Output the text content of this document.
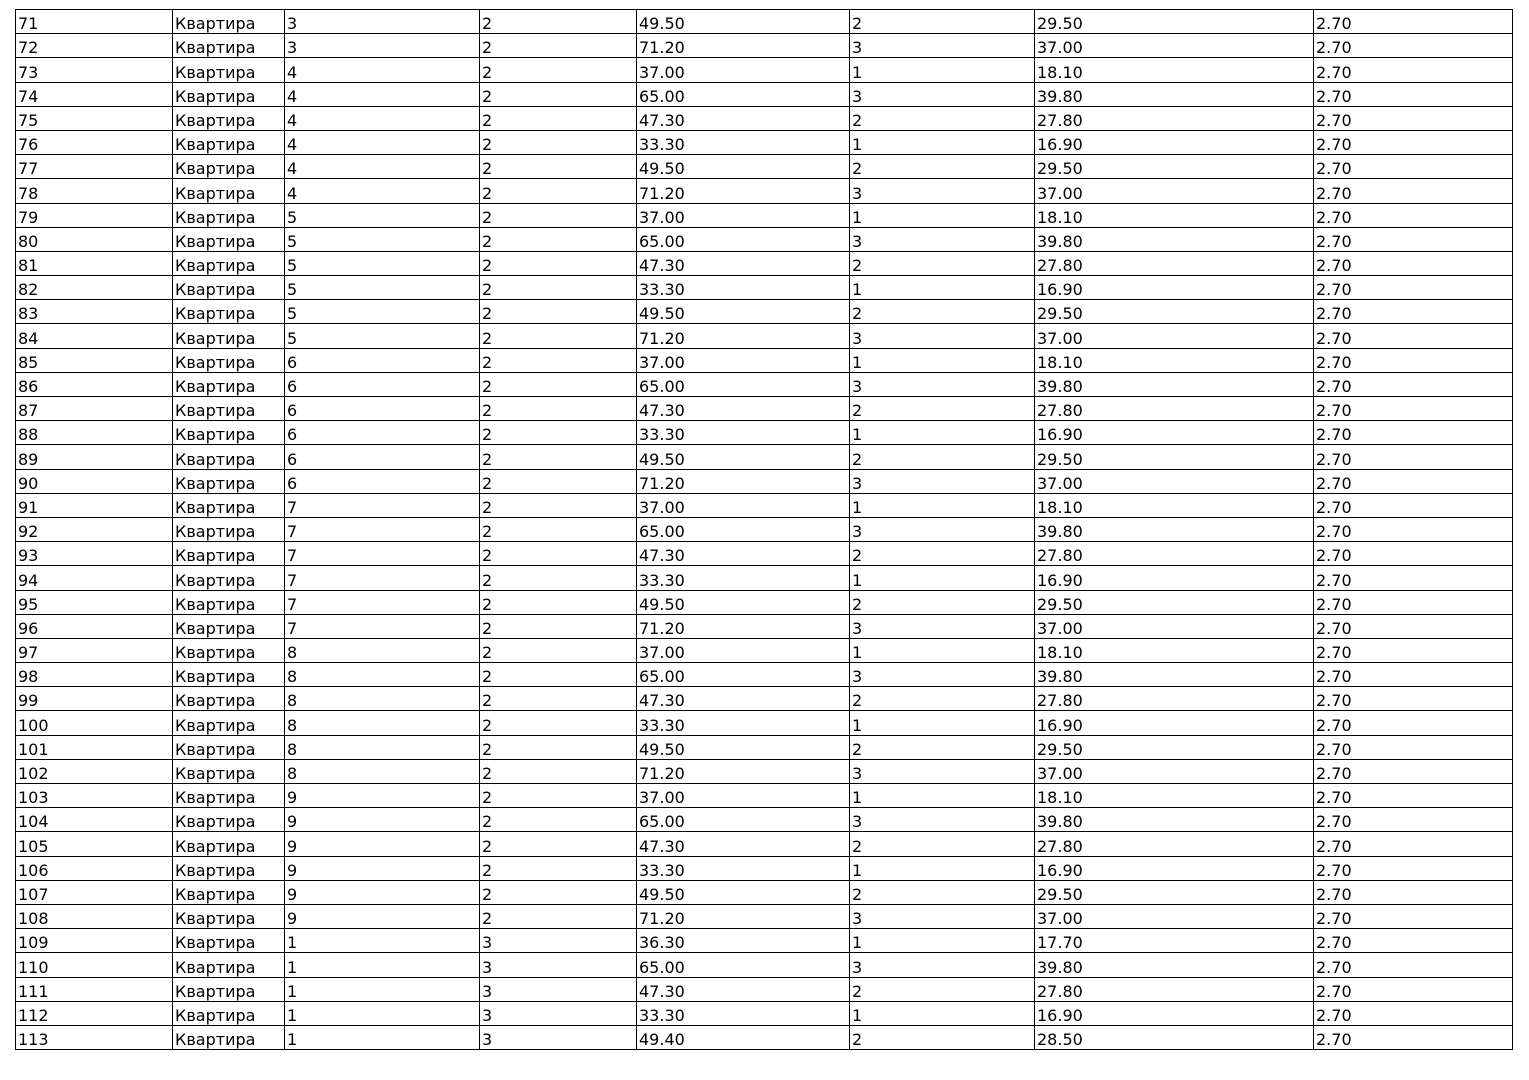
71	Квартира	3	2	49.50	2	29.50	2.70
72	Квартира	3	2	71.20	3	37.00	2.70
73	Квартира	4	2	37.00	1	18.10	2.70
74	Квартира	4	2	65.00	3	39.80	2.70
75	Квартира	4	2	47.30	2	27.80	2.70
76	Квартира	4	2	33.30	1	16.90	2.70
77	Квартира	4	2	49.50	2	29.50	2.70
78	Квартира	4	2	71.20	3	37.00	2.70
79	Квартира	5	2	37.00	1	18.10	2.70
80	Квартира	5	2	65.00	3	39.80	2.70
81	Квартира	5	2	47.30	2	27.80	2.70
82	Квартира	5	2	33.30	1	16.90	2.70
83	Квартира	5	2	49.50	2	29.50	2.70
84	Квартира	5	2	71.20	3	37.00	2.70
85	Квартира	6	2	37.00	1	18.10	2.70
86	Квартира	6	2	65.00	3	39.80	2.70
87	Квартира	6	2	47.30	2	27.80	2.70
88	Квартира	6	2	33.30	1	16.90	2.70
89	Квартира	6	2	49.50	2	29.50	2.70
90	Квартира	6	2	71.20	3	37.00	2.70
91	Квартира	7	2	37.00	1	18.10	2.70
92	Квартира	7	2	65.00	3	39.80	2.70
93	Квартира	7	2	47.30	2	27.80	2.70
94	Квартира	7	2	33.30	1	16.90	2.70
95	Квартира	7	2	49.50	2	29.50	2.70
96	Квартира	7	2	71.20	3	37.00	2.70
97	Квартира	8	2	37.00	1	18.10	2.70
98	Квартира	8	2	65.00	3	39.80	2.70
99	Квартира	8	2	47.30	2	27.80	2.70
100	Квартира	8	2	33.30	1	16.90	2.70
101	Квартира	8	2	49.50	2	29.50	2.70
102	Квартира	8	2	71.20	3	37.00	2.70
103	Квартира	9	2	37.00	1	18.10	2.70
104	Квартира	9	2	65.00	3	39.80	2.70
105	Квартира	9	2	47.30	2	27.80	2.70
106	Квартира	9	2	33.30	1	16.90	2.70
107	Квартира	9	2	49.50	2	29.50	2.70
108	Квартира	9	2	71.20	3	37.00	2.70
109	Квартира	1	3	36.30	1	17.70	2.70
110	Квартира	1	3	65.00	3	39.80	2.70
111	Квартира	1	3	47.30	2	27.80	2.70
112	Квартира	1	3	33.30	1	16.90	2.70
113	Квартира	1	3	49.40	2	28.50	2.70
